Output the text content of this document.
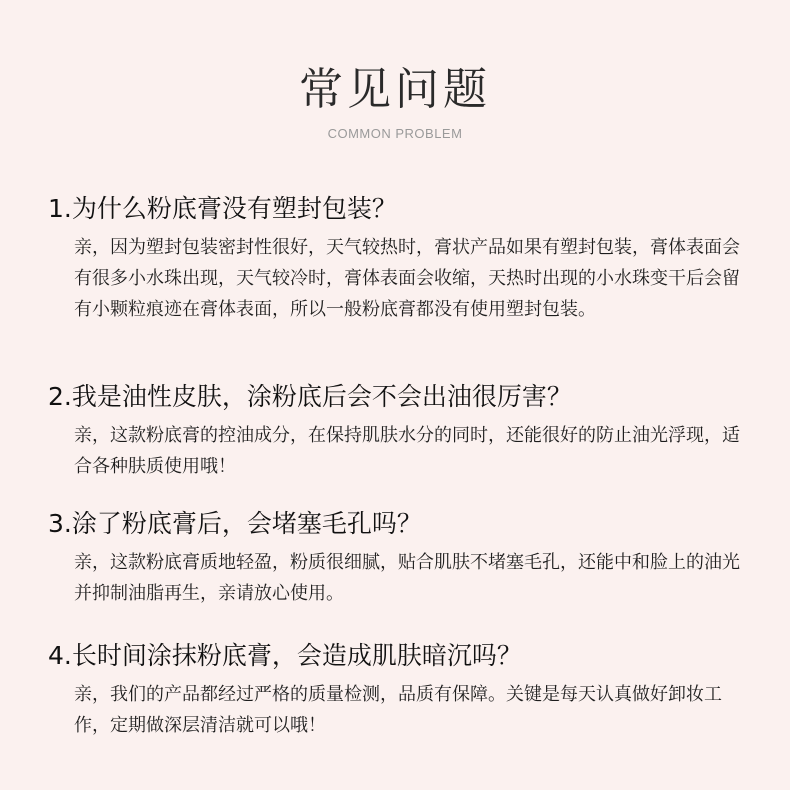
常见问题
COMMON PROBLEM
1.为什么粉底膏没有塑封包装？
亲，因为塑封包装密封性很好，天气较热时，膏状产品如果有塑封包装，膏体表面会有很多小水珠出现，天气较冷时，膏体表面会收缩，天热时出现的小水珠变干后会留有小颗粒痕迹在膏体表面，所以一般粉底膏都没有使用塑封包装。
2.我是油性皮肤，涂粉底后会不会出油很厉害？
亲，这款粉底膏的控油成分，在保持肌肤水分的同时，还能很好的防止油光浮现，适合各种肤质使用哦！
3.涂了粉底膏后，会堵塞毛孔吗？
亲，这款粉底膏质地轻盈，粉质很细腻，贴合肌肤不堵塞毛孔，还能中和脸上的油光并抑制油脂再生，亲请放心使用。
4.长时间涂抹粉底膏，会造成肌肤暗沉吗？
亲，我们的产品都经过严格的质量检测，品质有保障。关键是每天认真做好卸妆工作，定期做深层清洁就可以哦！
